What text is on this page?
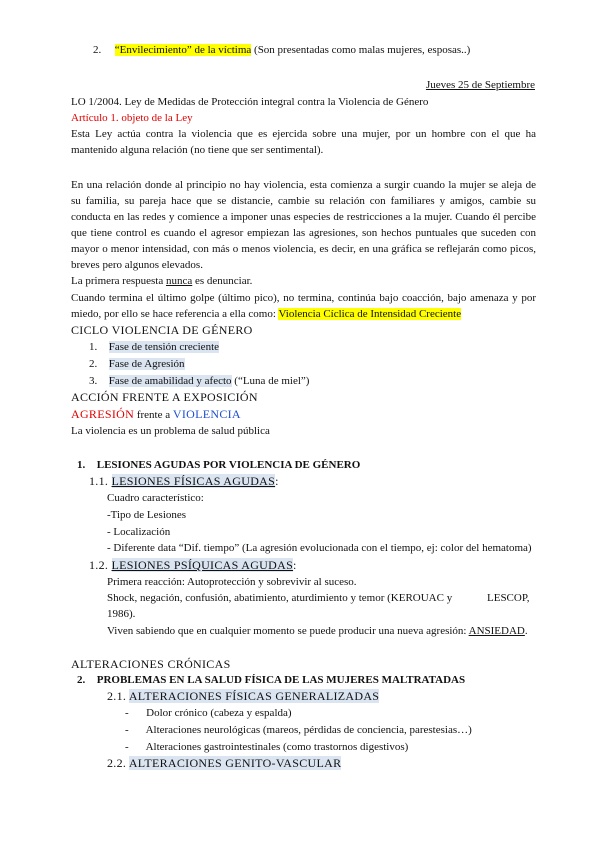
2. “Envilecimiento” de la víctima (Son presentadas como malas mujeres, esposas..)
Jueves 25 de Septiembre
LO 1/2004. Ley de Medidas de Protección integral contra la Violencia de Género
Artículo 1. objeto de la Ley
Esta Ley actúa contra la violencia que es ejercida sobre una mujer, por un hombre con el que ha
mantenido alguna relación (no tiene que ser sentimental).
En una relación donde al principio no hay violencia, esta comienza a surgir cuando la mujer se aleja de
su familia, su pareja hace que se distancie, cambie su relación con familiares y amigos, cambie su
conducta en las redes y comience a imponer unas especies de restricciones a la mujer. Cuando él percibe
que tiene control es cuando el agresor empiezan las agresiones, son hechos puntuales que suceden con
mayor o menor intensidad, con más o menos violencia, es decir, en una gráfica se reflejarán como picos,
breves pero algunos elevados.
La primera respuesta nunca es denunciar.
Cuando termina el último golpe (último pico), no termina, continúa bajo coacción, bajo amenaza y por
miedo, por ello se hace referencia a ella como: Violencia Cíclica de Intensidad Creciente
CICLO VIOLENCIA DE GÉNERO
1. Fase de tensión creciente
2. Fase de Agresión
3. Fase de amabilidad y afecto (“Luna de miel”)
ACCIÓN FRENTE A EXPOSICIÓN
AGRESIÓN frente a VIOLENCIA
La violencia es un problema de salud pública
1. LESIONES AGUDAS POR VIOLENCIA DE GÉNERO
1.1. LESIONES FÍSICAS AGUDAS:
Cuadro característico:
-Tipo de Lesiones
- Localización
- Diferente data “Dif. tiempo” (La agresión evolucionada con el tiempo, ej: color del hematoma)
1.2. LESIONES PSÍQUICAS AGUDAS:
Primera reacción: Autoprotección y sobrevivir al suceso.
Shock, negación, confusión, abatimiento, aturdimiento y temor (KEROUAC y	LESCOP,
1986).
Viven sabiendo que en cualquier momento se puede producir una nueva agresión: ANSIEDAD.
ALTERACIONES CRÓNICAS
2. PROBLEMAS EN LA SALUD FÍSICA DE LAS MUJERES MALTRATADAS
2.1. ALTERACIONES FÍSICAS GENERALIZADAS
- Dolor crónico (cabeza y espalda)
- Alteraciones neurológicas (mareos, pérdidas de conciencia, parestesias…)
- Alteraciones gastrointestinales (como trastornos digestivos)
2.2. ALTERACIONES GENITO-VASCULAR
